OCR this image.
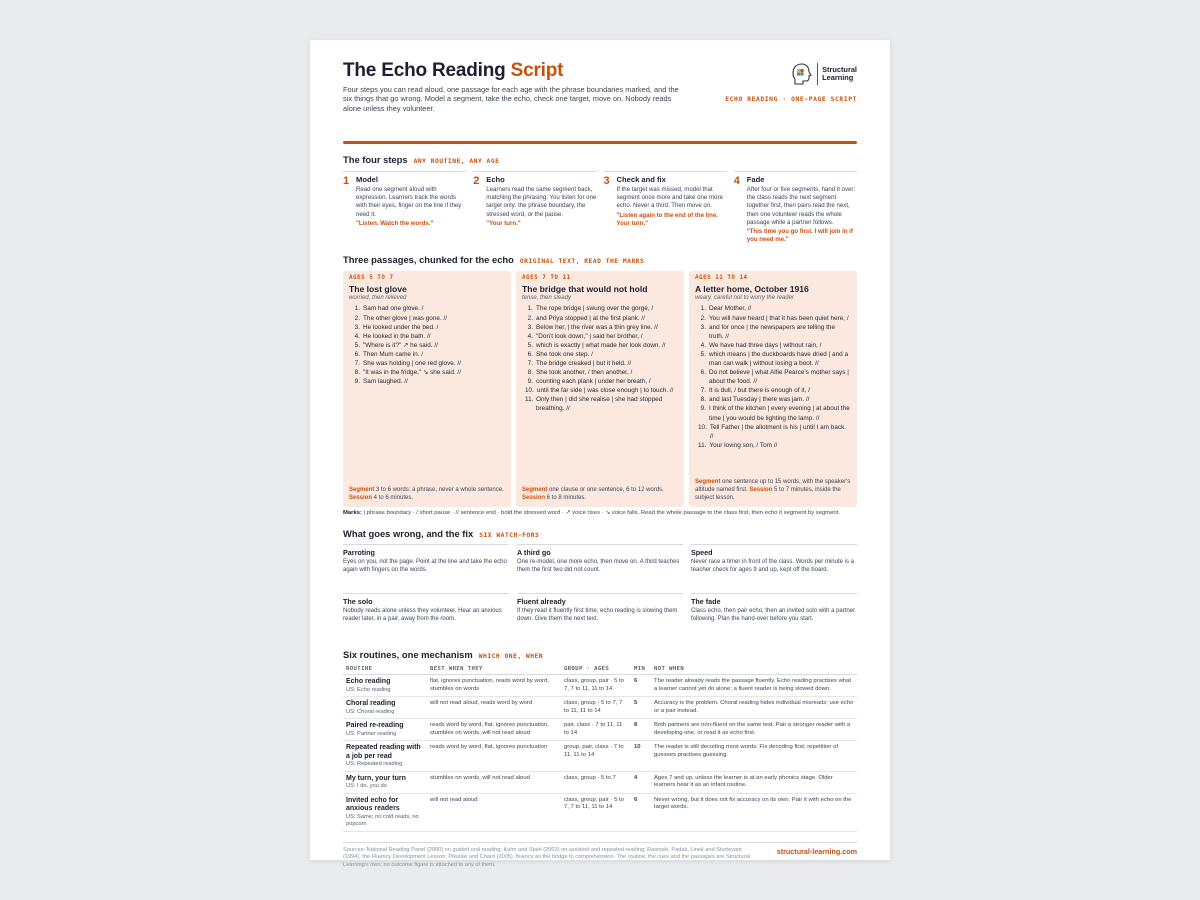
The Echo Reading Script
Four steps you can read aloud, one passage for each age with the phrase boundaries marked, and the six things that go wrong. Model a segment, take the echo, check one target, move on. Nobody reads alone unless they volunteer.
Structural
Learning
ECHO READING · ONE-PAGE SCRIPT
The four steps ANY ROUTINE, ANY AGE
1 Model
Read one segment aloud with expression. Learners track the words with their eyes, finger on the line if they need it.
"Listen. Watch the words."
2 Echo
Learners read the same segment back, matching the phrasing. You listen for one target only: the phrase boundary, the stressed word, or the pause.
"Your turn."
3 Check and fix
If the target was missed, model that segment once more and take one more echo. Never a third. Then move on.
"Listen again to the end of the line. Your turn."
4 Fade
After four or five segments, hand it over: the class reads the next segment together first, then pairs read the next, then one volunteer reads the whole passage while a partner follows.
"This time you go first. I will join in if you need me."
Three passages, chunked for the echo ORIGINAL TEXT, READ THE MARKS
AGES 5 TO 7
The lost glove
worried, then relieved
1. Sam had one glove. /
2. The other glove | was gone. //
3. He looked under the bed. /
4. He looked in the bath. //
5. "Where is it?" ↗ he said. //
6. Then Mum came in. /
7. She was holding | one red glove. //
8. "It was in the fridge," ↘ she said. //
9. Sam laughed. //
Segment 3 to 6 words: a phrase, never a whole sentence. Session 4 to 6 minutes.
AGES 7 TO 11
The bridge that would not hold
tense, then steady
1. The rope bridge | swung over the gorge, /
2. and Priya stopped | at the first plank. //
3. Below her, | the river was a thin grey line. //
4. "Don't look down," | said her brother, /
5. which is exactly | what made her look down. //
6. She took one step. /
7. The bridge creaked | but it held. //
8. She took another, / then another, /
9. counting each plank | under her breath, /
10. until the far side | was close enough | to touch. //
11. Only then | did she realise | she had stopped breathing. //
Segment one clause or one sentence, 6 to 12 words. Session 6 to 8 minutes.
AGES 11 TO 14
A letter home, October 1916
weary, careful not to worry the reader
1. Dear Mother, //
2. You will have heard | that it has been quiet here, /
3. and for once | the newspapers are telling the truth. //
4. We have had three days | without rain, /
5. which means | the duckboards have dried | and a man can walk | without losing a boot. //
6. Do not believe | what Alfie Pearce's mother says | about the food. //
7. It is dull, / but there is enough of it, /
8. and last Tuesday | there was jam. //
9. I think of the kitchen | every evening | at about the time | you would be lighting the lamp. //
10. Tell Father | the allotment is his | until I am back. //
11. Your loving son, / Tom //
Segment one sentence up to 15 words, with the speaker's attitude named first. Session 5 to 7 minutes, inside the subject lesson.
Marks: | phrase boundary · / short pause · // sentence end · bold the stressed word · ↗ voice rises · ↘ voice falls. Read the whole passage to the class first, then echo it segment by segment.
What goes wrong, and the fix SIX WATCH-FORS
Parroting
Eyes on you, not the page. Point at the line and take the echo again with fingers on the words.
A third go
One re-model, one more echo, then move on. A third teaches them the first two did not count.
Speed
Never race a timer in front of the class. Words per minute is a teacher check for ages 9 and up, kept off the board.
The solo
Nobody reads alone unless they volunteer. Hear an anxious reader later, in a pair, away from the room.
Fluent already
If they read it fluently first time, echo reading is slowing them down. Give them the next text.
The fade
Class echo, then pair echo, then an invited solo with a partner following. Plan the hand-over before you start.
Six routines, one mechanism WHICH ONE, WHEN
ROUTINE	BEST WHEN THEY	GROUP · AGES	MIN	NOT WHEN

Echo reading
US: Echo reading	flat, ignores punctuation, reads word by word, stumbles on words	class, group, pair · 5 to 7, 7 to 11, 11 to 14	6	The reader already reads the passage fluently. Echo reading practises what a learner cannot yet do alone; a fluent reader is being slowed down.

Choral reading
US: Choral reading	will not read aloud, reads word by word	class, group · 5 to 7, 7 to 11, 11 to 14	5	Accuracy is the problem. Choral reading hides individual misreads; use echo or a pair instead.

Paired re-reading
US: Partner reading	reads word by word, flat, ignores punctuation, stumbles on words, will not read aloud	pair, class · 7 to 11, 11 to 14	8	Both partners are non-fluent on the same text. Pair a stronger reader with a developing one, or read it as echo first.

Repeated reading with a job per read
US: Repeated reading	reads word by word, flat, ignores punctuation	group, pair, class · 7 to 11, 11 to 14	10	The reader is still decoding most words. Fix decoding first; repetition of guesses practises guessing.

My turn, your turn
US: I do, you do	stumbles on words, will not read aloud	class, group · 5 to 7	4	Ages 7 and up, unless the learner is at an early phonics stage. Older learners hear it as an infant routine.

Invited echo for anxious readers
US: Same; no cold reads, no popcorn	will not read aloud	class, group, pair · 5 to 7, 7 to 11, 11 to 14	6	Never wrong, but it does not fix accuracy on its own. Pair it with echo on the target words.
Sources: National Reading Panel (2000) on guided oral reading; Kuhn and Stahl (2003) on assisted and repeated reading; Rasinski, Padak, Linek and Sturtevant (1994), the Fluency Development Lesson; Pikulski and Chard (2005), fluency as the bridge to comprehension. The routine, the cues and the passages are Structural Learning's own; no outcome figure is attached to any of them.
structural-learning.com
